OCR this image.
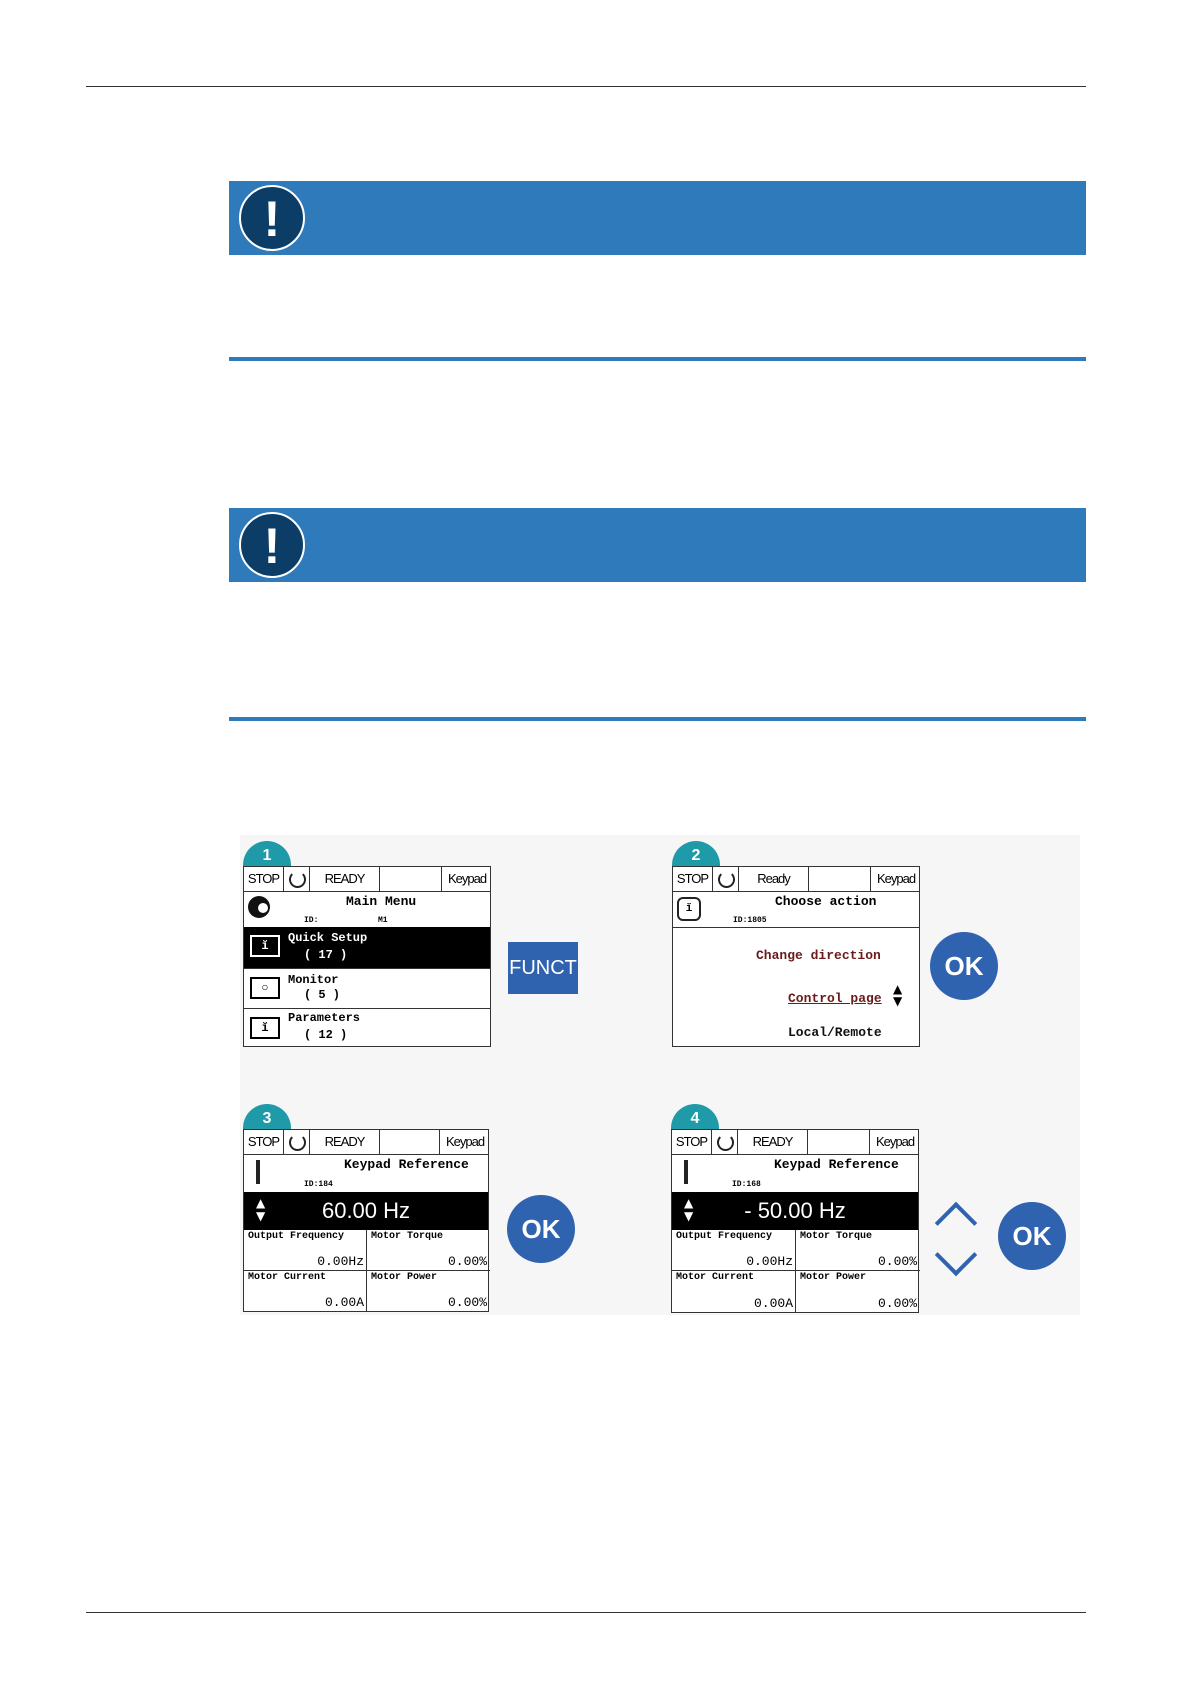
!
!
1
STOP	READY	Keypad
Main Menu
ID:	M1
ĭ
Quick Setup
( 17 )
○
Monitor
( 5 )
ĭ
Parameters
( 12 )
FUNCT
2
STOP	Ready	Keypad
ĭ	Choose action
ID:1805
Change direction
Control page
▲
▼
Local/Remote
OK
3
STOP	READY	Keypad
Keypad Reference
ID:184
▲
▼	60.00 Hz
Output Frequency
0.00Hz
Motor Torque
0.00%
Motor Current
0.00A
Motor Power
0.00%
OK
4
STOP	READY	Keypad
Keypad Reference
ID:168
▲
▼	- 50.00 Hz
Output Frequency
0.00Hz
Motor Torque
0.00%
Motor Current
0.00A
Motor Power
0.00%
OK
